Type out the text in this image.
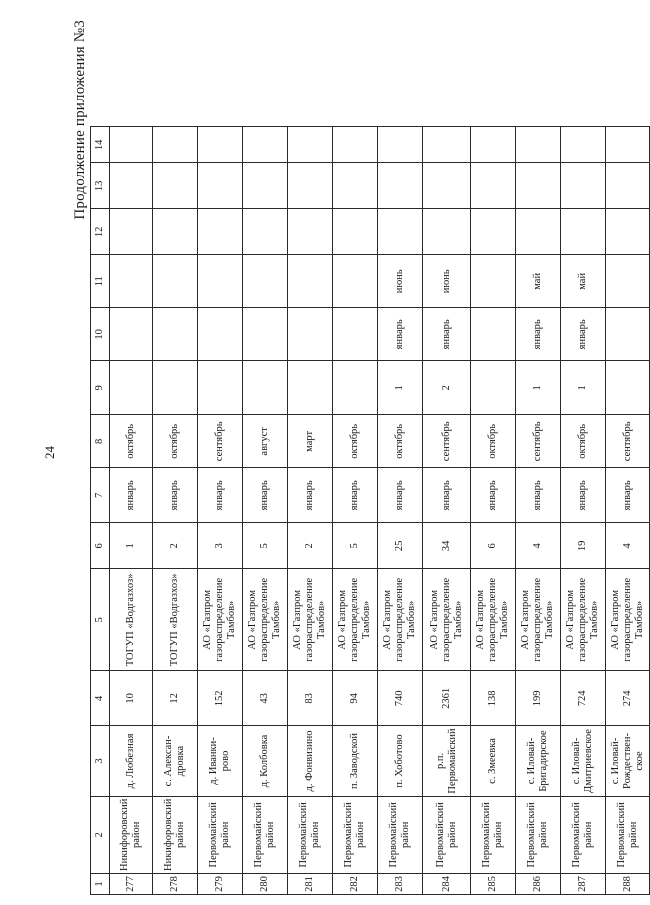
24
Продолжение приложения №3
1	2	3	4	5	6	7	8	9	10	11	12	13	14
277	Никифоровский район	д. Любезная	10	ТОГУП «Водгазхоз»	1	январь	октябрь						
278	Никифоровский район	с. Алексан-дровка	12	ТОГУП «Водгазхоз»	2	январь	октябрь						
279	Первомайский район	д. Иванки-рово	152	АО «Газпром газораспределение Тамбов»	3	январь	сентябрь						
280	Первомайский район	д. Колбовка	43	АО «Газпром газораспределение Тамбов»	5	январь	август						
281	Первомайский район	д. Фонвизино	83	АО «Газпром газораспределение Тамбов»	2	январь	март						
282	Первомайский район	п. Заводской	94	АО «Газпром газораспределение Тамбов»	5	январь	октябрь						
283	Первомайский район	п. Хоботово	740	АО «Газпром газораспределение Тамбов»	25	январь	октябрь	1	январь	июнь			
284	Первомайский район	р.п. Первомайский	2361	АО «Газпром газораспределение Тамбов»	34	январь	сентябрь	2	январь	июнь			
285	Первомайский район	с. Змеевка	138	АО «Газпром газораспределение Тамбов»	6	январь	октябрь						
286	Первомайский район	с. Иловай-Бригадирское	199	АО «Газпром газораспределение Тамбов»	4	январь	сентябрь	1	январь	май			
287	Первомайский район	с. Иловай-Дмитриевское	724	АО «Газпром газораспределение Тамбов»	19	январь	октябрь	1	январь	май			
288	Первомайский район	с. Иловай-Рождествен-ское	274	АО «Газпром газораспределение Тамбов»	4	январь	сентябрь						
